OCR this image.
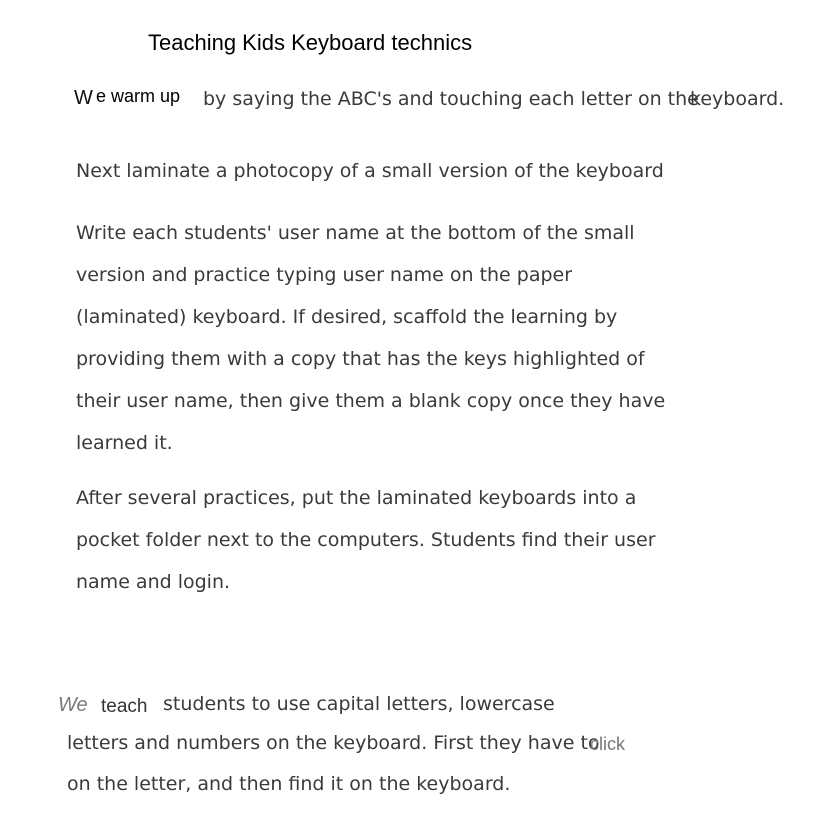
Teaching Kids Keyboard technics
W e warm up by saying the ABC's and touching each letter on the
keyboard.
Next laminate a photocopy of a small version of the keyboard
Write each students' user name at the bottom of the small
version and practice typing user name on the paper
(laminated) keyboard. If desired, scaffold the learning by
providing them with a copy that has the keys highlighted of
their user name, then give them a blank copy once they have
learned it.
After several practices, put the laminated keyboards into a
pocket folder next to the computers. Students find their user
name and login.
We teach students to use capital letters, lowercase
letters and numbers on the keyboard. First they have to
click
on the letter, and then find it on the keyboard.
